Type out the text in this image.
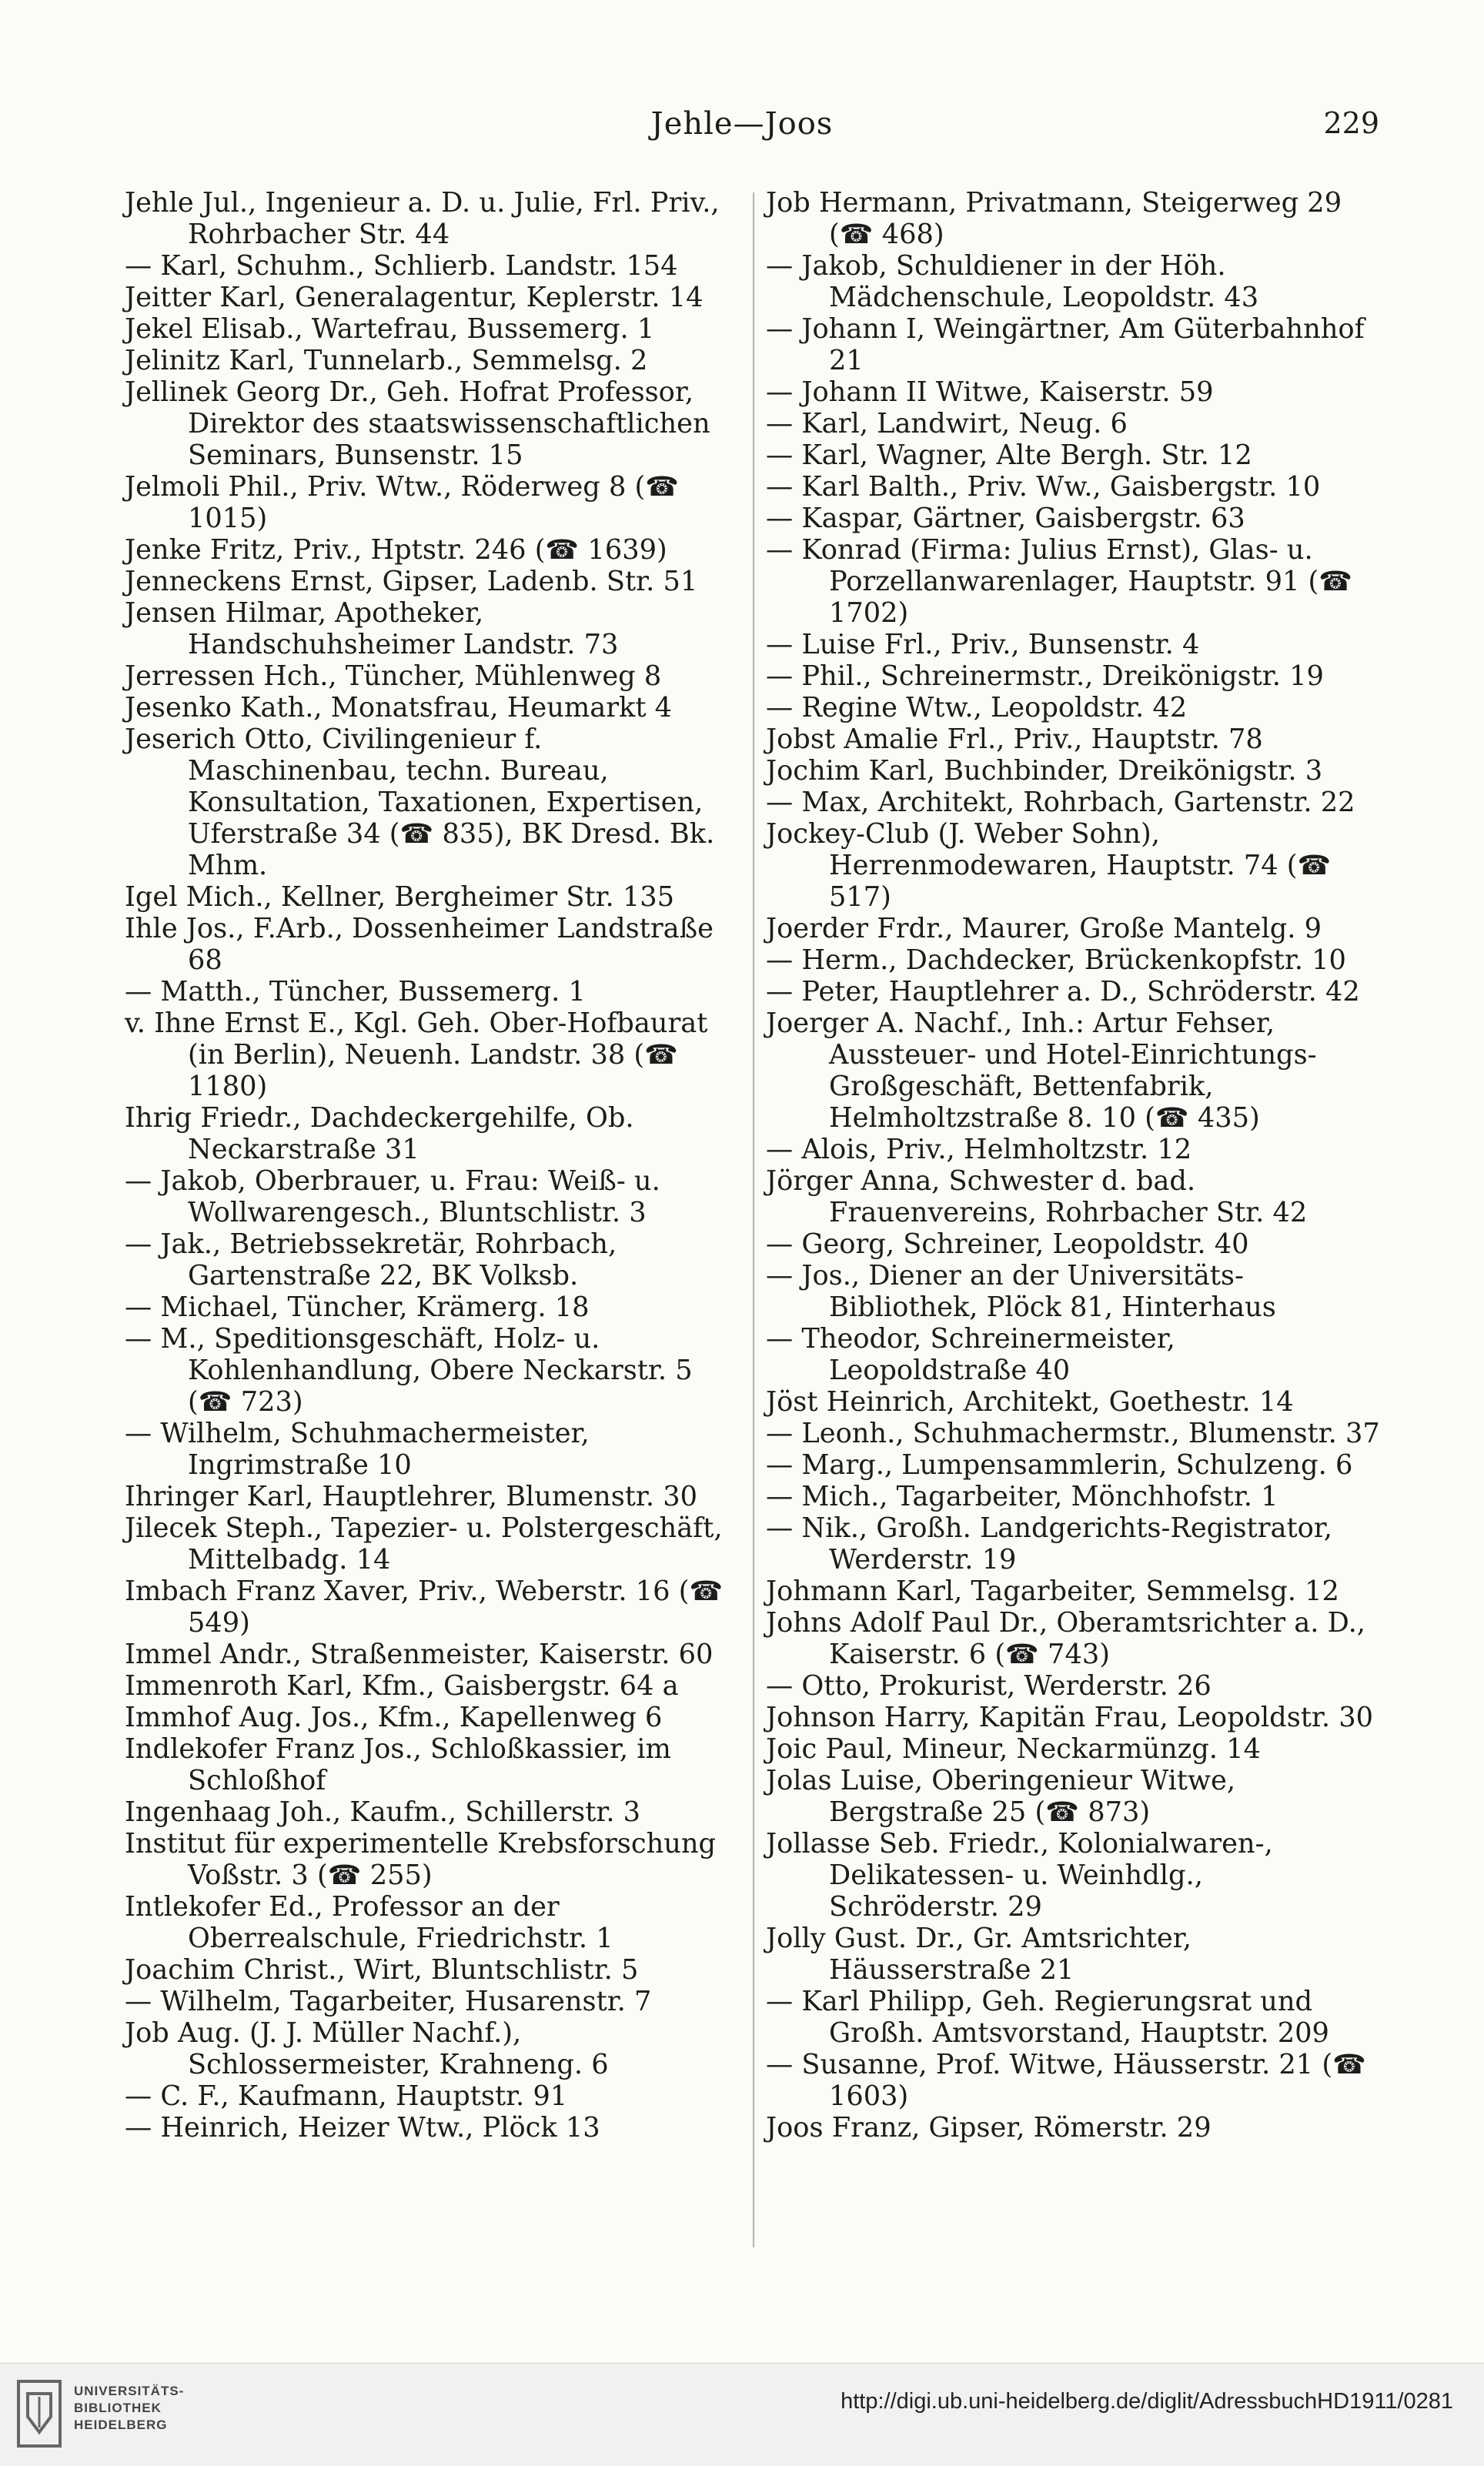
Jehle—Joos	229

Jehle Jul., Ingenieur a. D. u. Julie, Frl. Priv., Rohrbacher Str. 44

— Karl, Schuhm., Schlierb. Landstr. 154

Jeitter Karl, Generalagentur, Keplerstr. 14

Jekel Elisab., Wartefrau, Bussemerg. 1

Jelinitz Karl, Tunnelarb., Semmelsg. 2

Jellinek Georg Dr., Geh. Hofrat Professor, Direktor des staatswissenschaftlichen Seminars, Bunsenstr. 15

Jelmoli Phil., Priv. Wtw., Röderweg 8 (☎ 1015)

Jenke Fritz, Priv., Hptstr. 246 (☎ 1639)

Jenneckens Ernst, Gipser, Ladenb. Str. 51

Jensen Hilmar, Apotheker, Handschuhsheimer Landstr. 73

Jerressen Hch., Tüncher, Mühlenweg 8

Jesenko Kath., Monatsfrau, Heumarkt 4

Jeserich Otto, Civilingenieur f. Maschinenbau, techn. Bureau, Konsultation, Taxationen, Expertisen, Uferstraße 34 (☎ 835), BK Dresd. Bk. Mhm.

Igel Mich., Kellner, Bergheimer Str. 135

Ihle Jos., F.Arb., Dossenheimer Landstraße 68

— Matth., Tüncher, Bussemerg. 1

v. Ihne Ernst E., Kgl. Geh. Ober-Hofbaurat (in Berlin), Neuenh. Landstr. 38 (☎ 1180)

Ihrig Friedr., Dachdeckergehilfe, Ob. Neckarstraße 31

— Jakob, Oberbrauer, u. Frau: Weiß- u. Wollwarengesch., Bluntschlistr. 3

— Jak., Betriebssekretär, Rohrbach, Gartenstraße 22, BK Volksb.

— Michael, Tüncher, Krämerg. 18

— M., Speditionsgeschäft, Holz- u. Kohlenhandlung, Obere Neckarstr. 5 (☎ 723)

— Wilhelm, Schuhmachermeister, Ingrimstraße 10

Ihringer Karl, Hauptlehrer, Blumenstr. 30

Jilecek Steph., Tapezier- u. Polstergeschäft, Mittelbadg. 14

Imbach Franz Xaver, Priv., Weberstr. 16 (☎ 549)

Immel Andr., Straßenmeister, Kaiserstr. 60

Immenroth Karl, Kfm., Gaisbergstr. 64 a

Immhof Aug. Jos., Kfm., Kapellenweg 6

Indlekofer Franz Jos., Schloßkassier, im Schloßhof

Ingenhaag Joh., Kaufm., Schillerstr. 3

Institut für experimentelle Krebsforschung Voßstr. 3 (☎ 255)

Intlekofer Ed., Professor an der Oberrealschule, Friedrichstr. 1

Joachim Christ., Wirt, Bluntschlistr. 5

— Wilhelm, Tagarbeiter, Husarenstr. 7

Job Aug. (J. J. Müller Nachf.), Schlossermeister, Krahneng. 6

— C. F., Kaufmann, Hauptstr. 91

— Heinrich, Heizer Wtw., Plöck 13

Job Hermann, Privatmann, Steigerweg 29 (☎ 468)

— Jakob, Schuldiener in der Höh. Mädchenschule, Leopoldstr. 43

— Johann I, Weingärtner, Am Güterbahnhof 21

— Johann II Witwe, Kaiserstr. 59

— Karl, Landwirt, Neug. 6

— Karl, Wagner, Alte Bergh. Str. 12

— Karl Balth., Priv. Ww., Gaisbergstr. 10

— Kaspar, Gärtner, Gaisbergstr. 63

— Konrad (Firma: Julius Ernst), Glas- u. Porzellanwarenlager, Hauptstr. 91 (☎ 1702)

— Luise Frl., Priv., Bunsenstr. 4

— Phil., Schreinermstr., Dreikönigstr. 19

— Regine Wtw., Leopoldstr. 42

Jobst Amalie Frl., Priv., Hauptstr. 78

Jochim Karl, Buchbinder, Dreikönigstr. 3

— Max, Architekt, Rohrbach, Gartenstr. 22

Jockey-Club (J. Weber Sohn), Herrenmodewaren, Hauptstr. 74 (☎ 517)

Joerder Frdr., Maurer, Große Mantelg. 9

— Herm., Dachdecker, Brückenkopfstr. 10

— Peter, Hauptlehrer a. D., Schröderstr. 42

Joerger A. Nachf., Inh.: Artur Fehser, Aussteuer- und Hotel-Einrichtungs-Großgeschäft, Bettenfabrik, Helmholtzstraße 8. 10 (☎ 435)

— Alois, Priv., Helmholtzstr. 12

Jörger Anna, Schwester d. bad. Frauenvereins, Rohrbacher Str. 42

— Georg, Schreiner, Leopoldstr. 40

— Jos., Diener an der Universitäts-Bibliothek, Plöck 81, Hinterhaus

— Theodor, Schreinermeister, Leopoldstraße 40

Jöst Heinrich, Architekt, Goethestr. 14

— Leonh., Schuhmachermstr., Blumenstr. 37

— Marg., Lumpensammlerin, Schulzeng. 6

— Mich., Tagarbeiter, Mönchhofstr. 1

— Nik., Großh. Landgerichts-Registrator, Werderstr. 19

Johmann Karl, Tagarbeiter, Semmelsg. 12

Johns Adolf Paul Dr., Oberamtsrichter a. D., Kaiserstr. 6 (☎ 743)

— Otto, Prokurist, Werderstr. 26

Johnson Harry, Kapitän Frau, Leopoldstr. 30

Joic Paul, Mineur, Neckarmünzg. 14

Jolas Luise, Oberingenieur Witwe, Bergstraße 25 (☎ 873)

Jollasse Seb. Friedr., Kolonialwaren-, Delikatessen- u. Weinhdlg., Schröderstr. 29

Jolly Gust. Dr., Gr. Amtsrichter, Häusserstraße 21

— Karl Philipp, Geh. Regierungsrat und Großh. Amtsvorstand, Hauptstr. 209

— Susanne, Prof. Witwe, Häusserstr. 21 (☎ 1603)

Joos Franz, Gipser, Römerstr. 29

UNIVERSITÄTS-
BIBLIOTHEK
HEIDELBERG
http://digi.ub.uni-heidelberg.de/diglit/AdressbuchHD1911/0281
